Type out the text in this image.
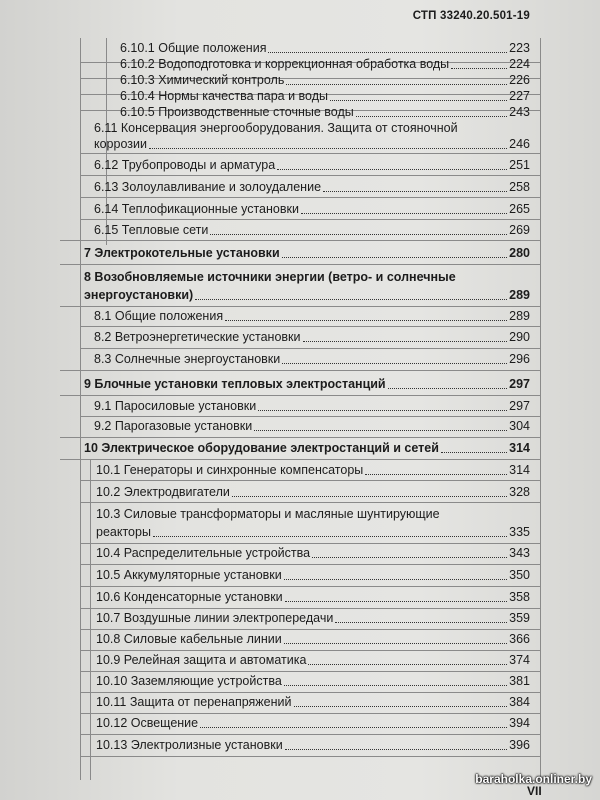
СТП 33240.20.501-19
6.10.1 Общие положения	223
6.10.2 Водоподготовка и коррекционная обработка воды	224
6.10.3 Химический контроль	226
6.10.4 Нормы качества пара и воды	227
6.10.5 Производственные сточные воды	243
6.11 Консервация энергооборудования. Защита от стояночной
коррозии	246
6.12 Трубопроводы и арматура	251
6.13 Золоулавливание и золоудаление	258
6.14 Теплофикационные установки	265
6.15 Тепловые сети	269
7 Электрокотельные установки	280
8 Возобновляемые источники энергии (ветро- и солнечные
энергоустановки)	289
8.1 Общие положения	289
8.2 Ветроэнергетические установки	290
8.3 Солнечные энергоустановки	296
9 Блочные установки тепловых электростанций	297
9.1 Паросиловые установки	297
9.2 Парогазовые установки	304
10 Электрическое оборудование электростанций и сетей	314
10.1 Генераторы и синхронные компенсаторы	314
10.2 Электродвигатели	328
10.3 Силовые трансформаторы и масляные шунтирующие
реакторы	335
10.4 Распределительные устройства	343
10.5 Аккумуляторные установки	350
10.6 Конденсаторные установки	358
10.7 Воздушные линии электропередачи	359
10.8 Силовые кабельные линии	366
10.9 Релейная защита и автоматика	374
10.10 Заземляющие устройства	381
10.11 Защита от перенапряжений	384
10.12 Освещение	394
10.13 Электролизные установки	396
VII
baraholka.onliner.by
